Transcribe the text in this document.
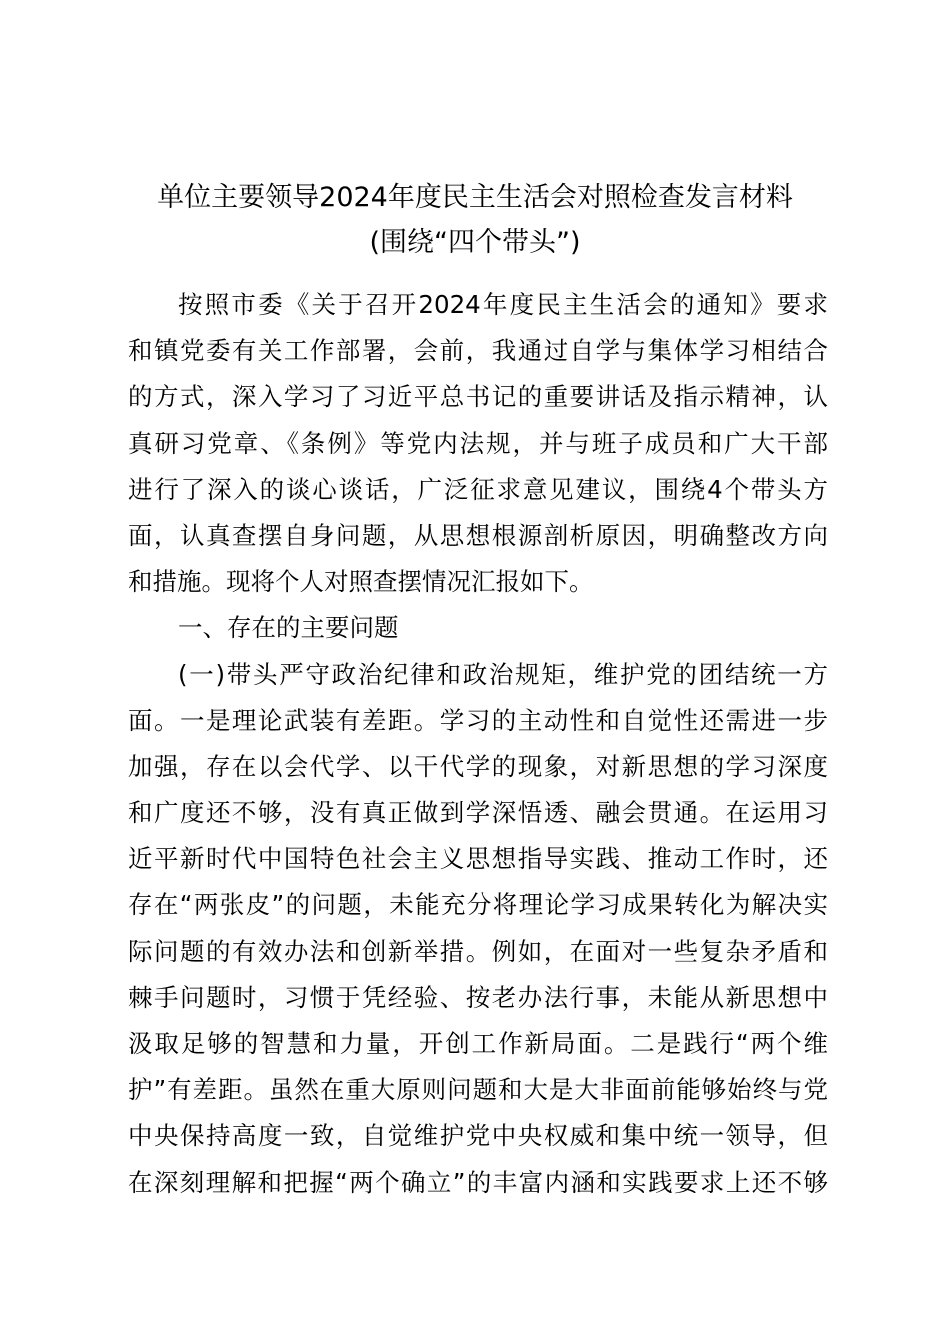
单位主要领导2024年度民主生活会对照检查发言材料
(围绕“四个带头”)
按照市委《关于召开2024年度民主生活会的通知》要求
和镇党委有关工作部署，会前，我通过自学与集体学习相结合
的方式，深入学习了习近平总书记的重要讲话及指示精神，认
真研习党章、《条例》等党内法规，并与班子成员和广大干部
进行了深入的谈心谈话，广泛征求意见建议，围绕4个带头方
面，认真查摆自身问题，从思想根源剖析原因，明确整改方向
和措施。现将个人对照查摆情况汇报如下。
一、存在的主要问题
(一)带头严守政治纪律和政治规矩，维护党的团结统一方
面。一是理论武装有差距。学习的主动性和自觉性还需进一步
加强，存在以会代学、以干代学的现象，对新思想的学习深度
和广度还不够，没有真正做到学深悟透、融会贯通。在运用习
近平新时代中国特色社会主义思想指导实践、推动工作时，还
存在“两张皮”的问题，未能充分将理论学习成果转化为解决实
际问题的有效办法和创新举措。例如，在面对一些复杂矛盾和
棘手问题时，习惯于凭经验、按老办法行事，未能从新思想中
汲取足够的智慧和力量，开创工作新局面。二是践行“两个维
护”有差距。虽然在重大原则问题和大是大非面前能够始终与党
中央保持高度一致，自觉维护党中央权威和集中统一领导，但
在深刻理解和把握“两个确立”的丰富内涵和实践要求上还不够
